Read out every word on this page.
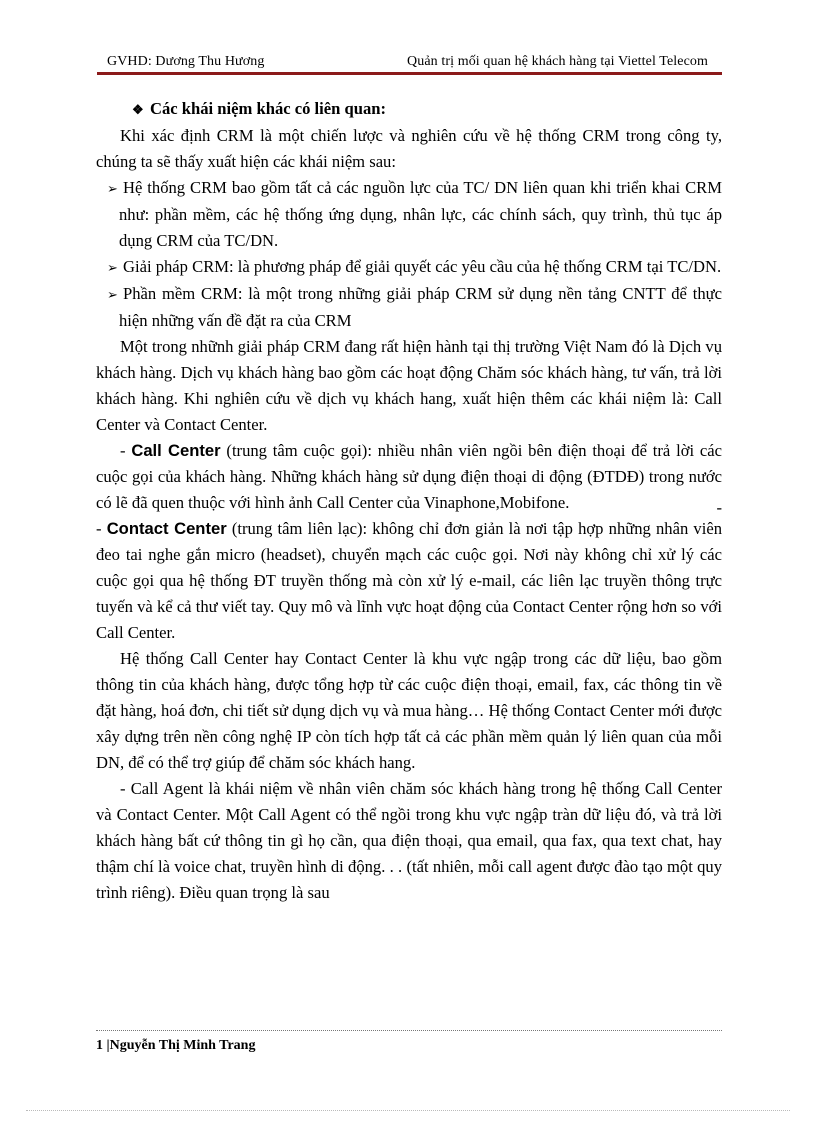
GVHD: Dương Thu Hương	Quản trị mối quan hệ khách hàng tại Viettel Telecom

❖ Các khái niệm khác có liên quan:

Khi xác định CRM là một chiến lược và nghiên cứu về hệ thống CRM trong công ty, chúng ta sẽ thấy xuất hiện các khái niệm sau:

➢ Hệ thống CRM bao gồm tất cả các nguồn lực của TC/ DN liên quan khi triển khai CRM như: phần mềm, các hệ thống ứng dụng, nhân lực, các chính sách, quy trình, thủ tục áp dụng CRM của TC/DN.

➢ Giải pháp CRM: là phương pháp để giải quyết các yêu cầu của hệ thống CRM tại TC/DN.

➢ Phần mềm CRM: là một trong những giải pháp CRM sử dụng nền tảng CNTT để thực hiện những vấn đề đặt ra của CRM

Một trong nhữnh giải pháp CRM đang rất hiện hành tại thị trường Việt Nam đó là Dịch vụ khách hàng. Dịch vụ khách hàng bao gồm các hoạt động Chăm sóc khách hàng, tư vấn, trả lời khách hàng. Khi nghiên cứu về dịch vụ khách hang, xuất hiện thêm các khái niệm là: Call Center và Contact Center.

- Call Center (trung tâm cuộc gọi): nhiều nhân viên ngồi bên điện thoại để trả lời các cuộc gọi của khách hàng. Những khách hàng sử dụng điện thoại di động (ĐTDĐ) trong nước có lẽ đã quen thuộc với hình ảnh Call Center của Vinaphone,Mobifone.	-

- Contact Center (trung tâm liên lạc): không chỉ đơn giản là nơi tập hợp những nhân viên đeo tai nghe gắn micro (headset), chuyển mạch các cuộc gọi. Nơi này không chỉ xử lý các cuộc gọi qua hệ thống ĐT truyền thống mà còn xử lý e-mail, các liên lạc truyền thông trực tuyến và kể cả thư viết tay. Quy mô và lĩnh vực hoạt động của Contact Center rộng hơn so với Call Center.

Hệ thống Call Center hay Contact Center là khu vực ngập trong các dữ liệu, bao gồm thông tin của khách hàng, được tổng hợp từ các cuộc điện thoại, email, fax, các thông tin về đặt hàng, hoá đơn, chi tiết sử dụng dịch vụ và mua hàng… Hệ thống Contact Center mới được xây dựng trên nền công nghệ IP còn tích hợp tất cả các phần mềm quản lý liên quan của mỗi DN, để có thể trợ giúp để chăm sóc khách hang.

- Call Agent là khái niệm về nhân viên chăm sóc khách hàng trong hệ thống Call Center và Contact Center. Một Call Agent có thể ngồi trong khu vực ngập tràn dữ liệu đó, và trả lời khách hàng bất cứ thông tin gì họ cần, qua điện thoại, qua email, qua fax, qua text chat, hay thậm chí là voice chat, truyền hình di động. . . (tất nhiên, mỗi call agent được đào tạo một quy trình riêng). Điều quan trọng là sau

1 |Nguyễn Thị Minh Trang
